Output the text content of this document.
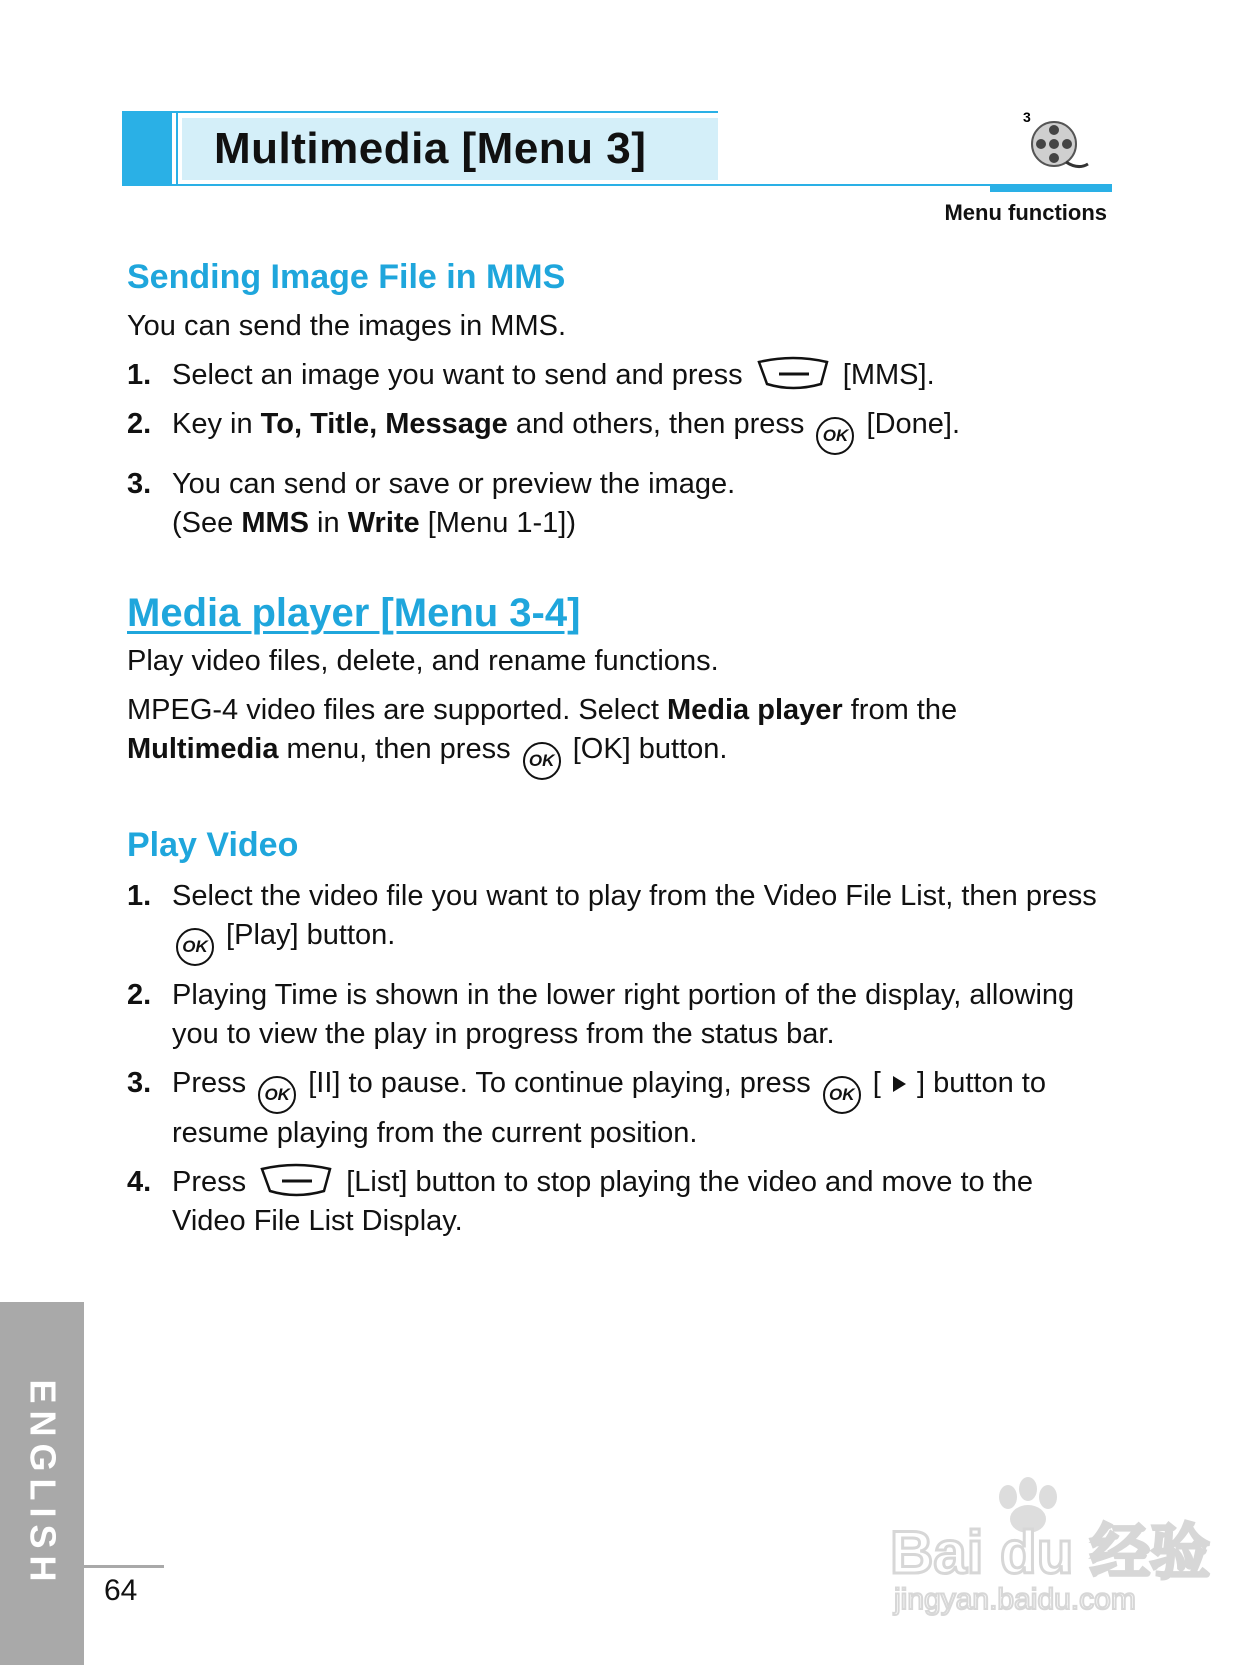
Multimedia [Menu 3]
3
Menu functions
Sending Image File in MMS

You can send the images in MMS.

1. Select an image you want to send and press	[MMS].
2. Key in To, Title, Message and others, then press OK [Done].
3. You can send or save or preview the image.
(See MMS in Write [Menu 1-1])
Media player [Menu 3-4]

Play video files, delete, and rename functions.

MPEG-4 video files are supported. Select Media player from the
Multimedia menu, then press OK [OK] button.

Play Video
1. Select the video file you want to play from the Video File List, then press OK [Play] button.
2. Playing Time is shown in the lower right portion of the display, allowing you to view the play in progress from the status bar.
3. Press OK [II] to pause. To continue playing, press OK [  ] button to resume playing from the current position.
4. Press	[List] button to stop playing the video and move to the Video File List Display.
ENGLISH
64
Bai du 经验
jingyan.baidu.com
